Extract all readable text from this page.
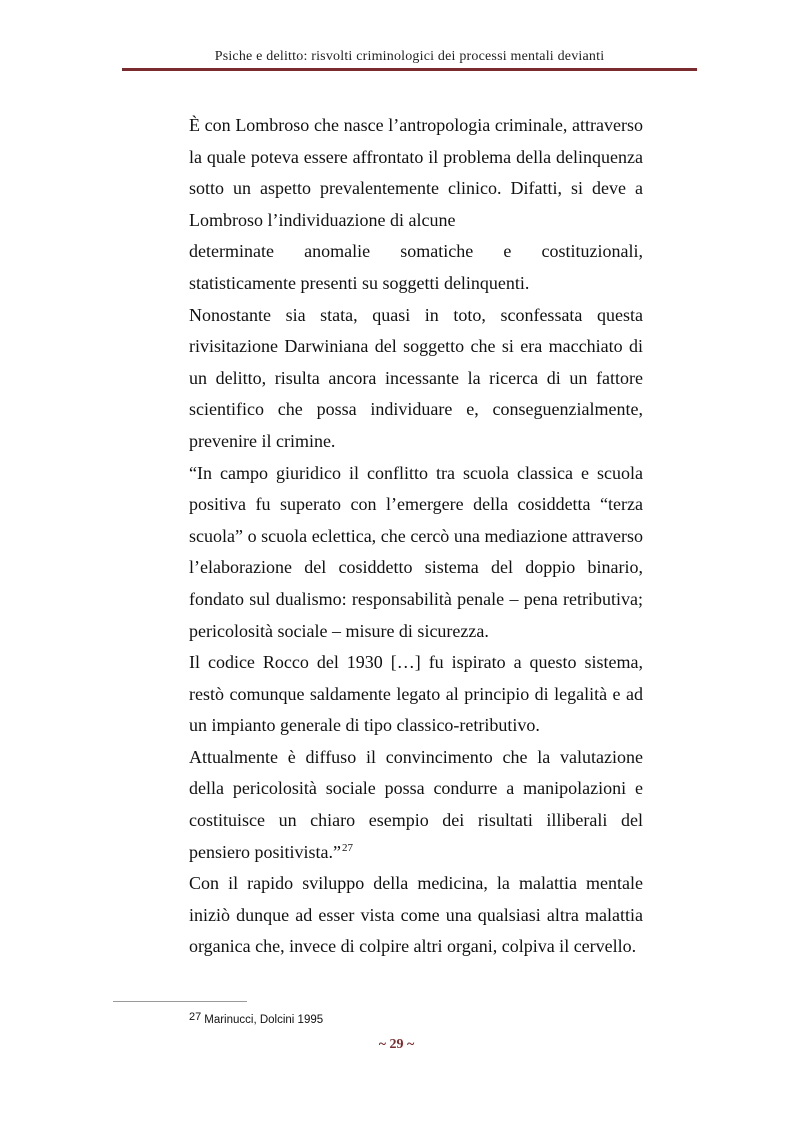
Psiche e delitto: risvolti criminologici dei processi mentali devianti

È con Lombroso che nasce l’antropologia criminale, attraverso la quale poteva essere affrontato il problema della delinquenza sotto un aspetto prevalentemente clinico. Difatti, si deve a Lombroso l’individuazione di alcune

determinate anomalie somatiche e costituzionali,

statisticamente presenti su soggetti delinquenti.

Nonostante sia stata, quasi in toto, sconfessata questa rivisitazione Darwiniana del soggetto che si era macchiato di un delitto, risulta ancora incessante la ricerca di un fattore scientifico che possa individuare e, conseguenzialmente, prevenire il crimine.

“In campo giuridico il conflitto tra scuola classica e scuola positiva fu superato con l’emergere della cosiddetta “terza scuola” o scuola eclettica, che cercò una mediazione attraverso l’elaborazione del cosiddetto sistema del doppio binario, fondato sul dualismo: responsabilità penale – pena retributiva; pericolosità sociale – misure di sicurezza.

Il codice Rocco del 1930 […] fu ispirato a questo sistema, restò comunque saldamente legato al principio di legalità e ad un impianto generale di tipo classico-retributivo.

Attualmente è diffuso il convincimento che la valutazione della pericolosità sociale possa condurre a manipolazioni e costituisce un chiaro esempio dei risultati illiberali del pensiero positivista.”$^{27}$

Con il rapido sviluppo della medicina, la malattia mentale iniziò dunque ad esser vista come una qualsiasi altra malattia organica che, invece di colpire altri organi, colpiva il cervello.

27 Marinucci, Dolcini 1995
~ 29 ~
